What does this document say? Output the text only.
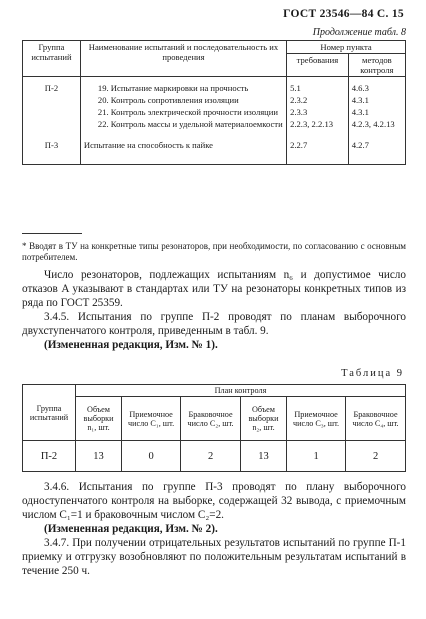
ГОСТ 23546—84 С. 15
Продолжение табл. 8
Группа испытаний	Наименование испытаний и последовательность их проведения	Номер пункта	
		требования	методов контроля
П-2	19. Испытание маркировки на прочность	5.1	4.6.3
	20. Контроль сопротивления изоляции	2.3.2	4.3.1
	21. Контроль электрической прочности изоляции	2.3.3	4.3.1
	22. Контроль массы и удельной материалоемкости	2.2.3, 2.2.13	4.2.3, 4.2.13
П-3	Испытание на способность к пайке	2.2.7	4.2.7
* Вводят в ТУ на конкретные типы резонаторов, при необходимости, по согласованию с основным потребителем.

Число резонаторов, подлежащих испытаниям n₆ и допустимое число отказов A указывают в стандартах или ТУ на резонаторы конкретных типов из ряда по ГОСТ 25359.

3.4.5. Испытания по группе П-2 проводят по планам выборочного двухступенчатого контроля, приведенным в табл. 9.

(Измененная редакция, Изм. № 1).

Таблица 9
Группа испытаний	План контроля					
	Объем выборки n₁, шт.	Приемочное число C₁, шт.	Браковочное число C₂, шт.	Объем выборки n₂, шт.	Приемочное число C₃, шт.	Браковочное число C₄, шт.
П-2	13	0	2	13	1	2

3.4.6. Испытания по группе П-3 проводят по плану выборочного одноступенчатого контроля на выборке, содержащей 32 вывода, с приемочным числом C₁=1 и браковочным числом C₂=2.

(Измененная редакция, Изм. № 2).

3.4.7. При получении отрицательных результатов испытаний по группе П-1 приемку и отгрузку возобновляют по положительным результатам испытаний в течение 250 ч.
